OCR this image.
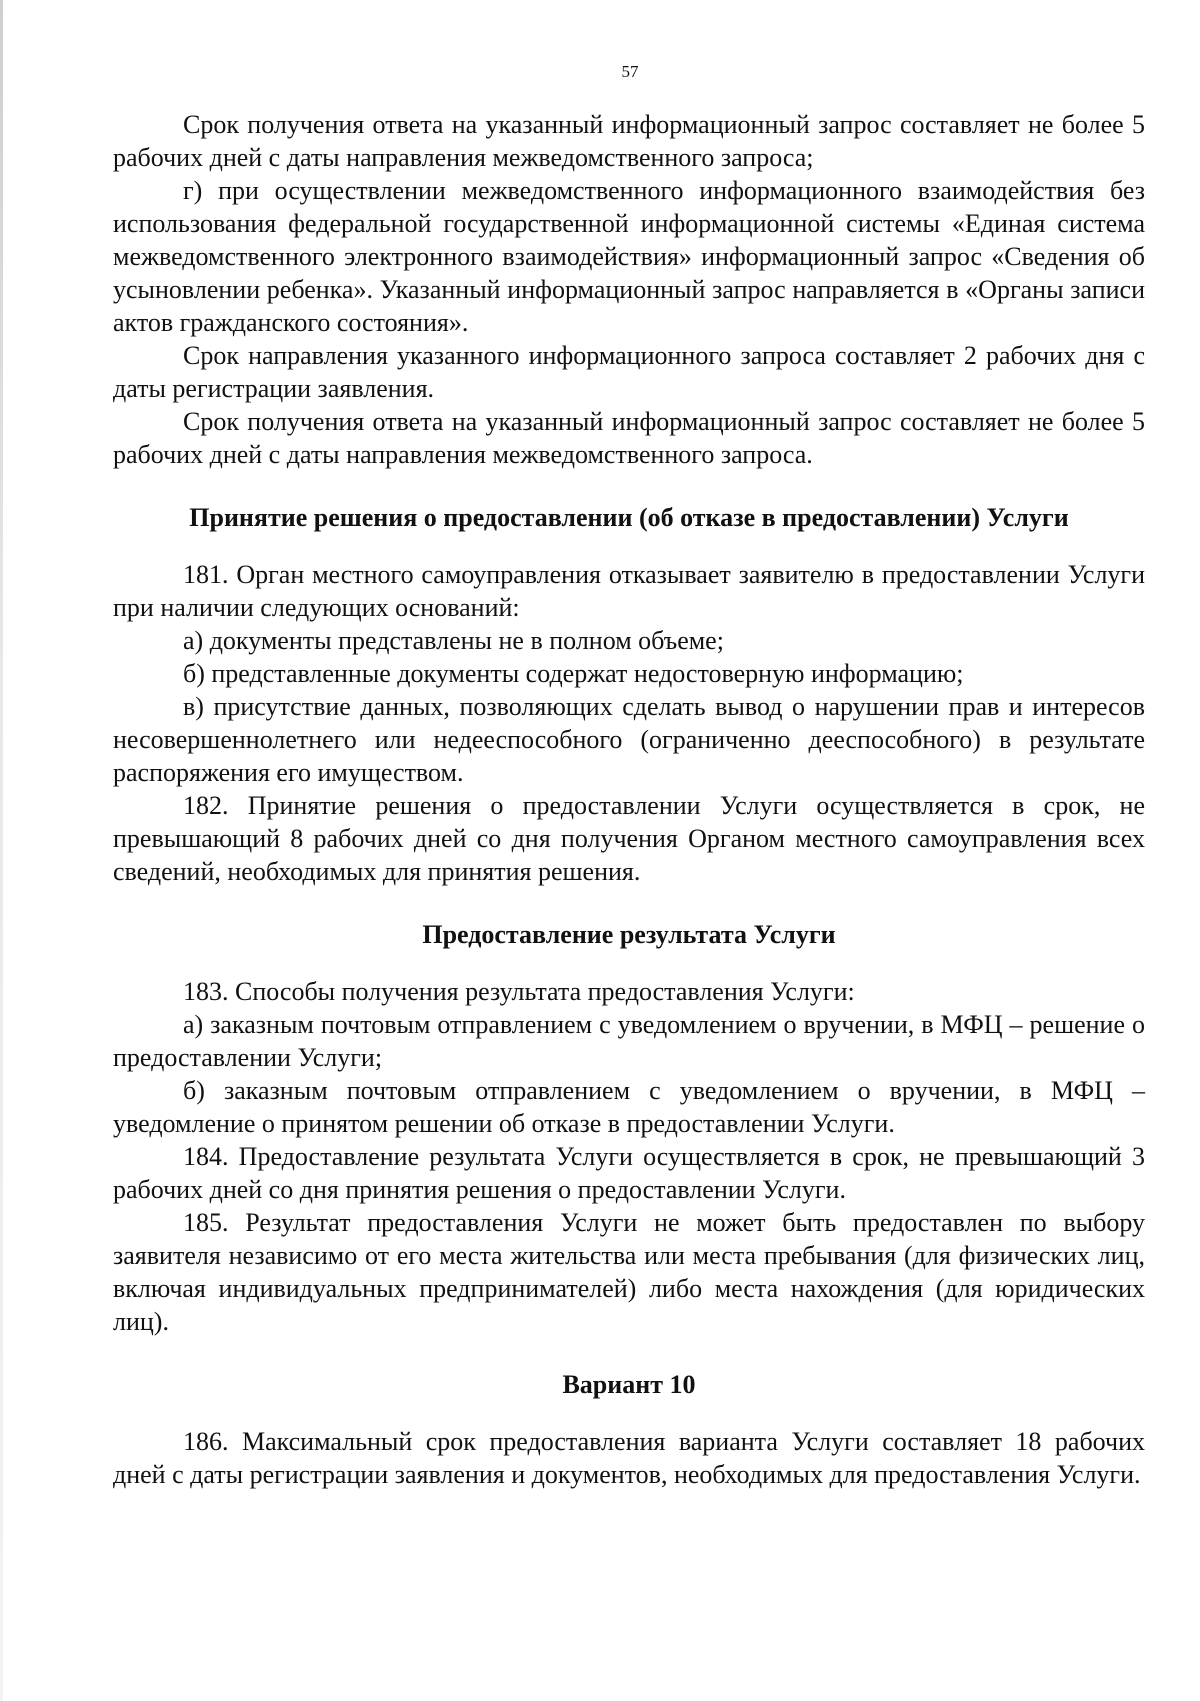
57

Срок получения ответа на указанный информационный запрос составляет не более 5 рабочих дней с даты направления межведомственного запроса;

г) при осуществлении межведомственного информационного взаимодействия без использования федеральной государственной информационной системы «Единая система межведомственного электронного взаимодействия» информационный запрос «Сведения об усыновлении ребенка». Указанный информационный запрос направляется в «Органы записи актов гражданского состояния».

Срок направления указанного информационного запроса составляет 2 рабочих дня с даты регистрации заявления.

Срок получения ответа на указанный информационный запрос составляет не более 5 рабочих дней с даты направления межведомственного запроса.

Принятие решения о предоставлении (об отказе в предоставлении) Услуги

181. Орган местного самоуправления отказывает заявителю в предоставлении Услуги при наличии следующих оснований:

а) документы представлены не в полном объеме;

б) представленные документы содержат недостоверную информацию;

в) присутствие данных, позволяющих сделать вывод о нарушении прав и интересов несовершеннолетнего или недееспособного (ограниченно дееспособного) в результате распоряжения его имуществом.

182. Принятие решения о предоставлении Услуги осуществляется в срок, не превышающий 8 рабочих дней со дня получения Органом местного самоуправления всех сведений, необходимых для принятия решения.

Предоставление результата Услуги

183. Способы получения результата предоставления Услуги:

а) заказным почтовым отправлением с уведомлением о вручении, в МФЦ – решение о предоставлении Услуги;

б) заказным почтовым отправлением с уведомлением о вручении, в МФЦ – уведомление о принятом решении об отказе в предоставлении Услуги.

184. Предоставление результата Услуги осуществляется в срок, не превышающий 3 рабочих дней со дня принятия решения о предоставлении Услуги.

185. Результат предоставления Услуги не может быть предоставлен по выбору заявителя независимо от его места жительства или места пребывания (для физических лиц, включая индивидуальных предпринимателей) либо места нахождения (для юридических лиц).

Вариант 10

186. Максимальный срок предоставления варианта Услуги составляет 18 рабочих дней с даты регистрации заявления и документов, необходимых для предоставления Услуги.
